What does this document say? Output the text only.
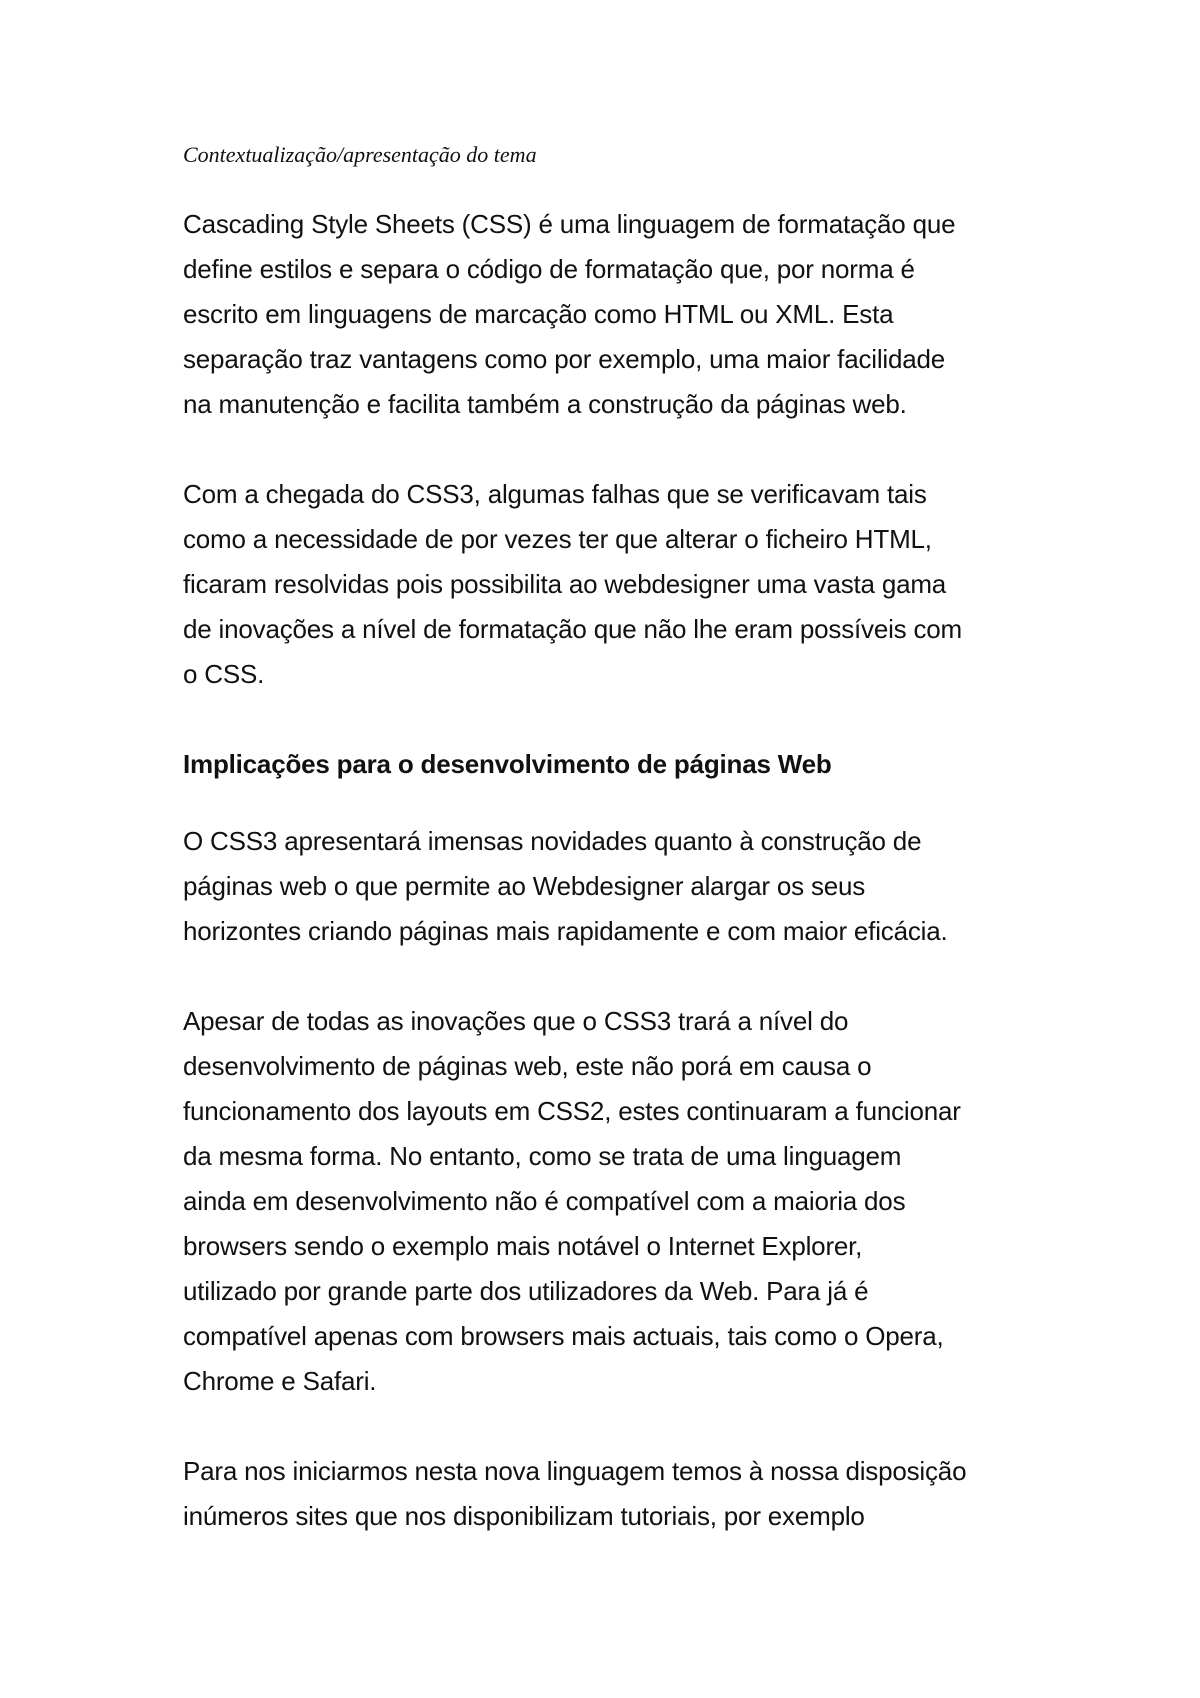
Contextualização/apresentação do tema

Cascading Style Sheets (CSS) é uma linguagem de formatação que
define estilos e separa o código de formatação que, por norma é
escrito em linguagens de marcação como HTML ou XML. Esta
separação traz vantagens como por exemplo, uma maior facilidade
na manutenção e facilita também a construção da páginas web.
Com a chegada do CSS3, algumas falhas que se verificavam tais
como a necessidade de por vezes ter que alterar o ficheiro HTML,
ficaram resolvidas pois possibilita ao webdesigner uma vasta gama
de inovações a nível de formatação que não lhe eram possíveis com
o CSS.
Implicações para o desenvolvimento de páginas Web
O CSS3 apresentará imensas novidades quanto à construção de
páginas web o que permite ao Webdesigner alargar os seus
horizontes criando páginas mais rapidamente e com maior eficácia.
Apesar de todas as inovações que o CSS3 trará a nível do
desenvolvimento de páginas web, este não porá em causa o
funcionamento dos layouts em CSS2, estes continuaram a funcionar
da mesma forma. No entanto, como se trata de uma linguagem
ainda em desenvolvimento não é compatível com a maioria dos
browsers sendo o exemplo mais notável o Internet Explorer,
utilizado por grande parte dos utilizadores da Web. Para já é
compatível apenas com browsers mais actuais, tais como o Opera,
Chrome e Safari.
Para nos iniciarmos nesta nova linguagem temos à nossa disposição
inúmeros sites que nos disponibilizam tutoriais, por exemplo
